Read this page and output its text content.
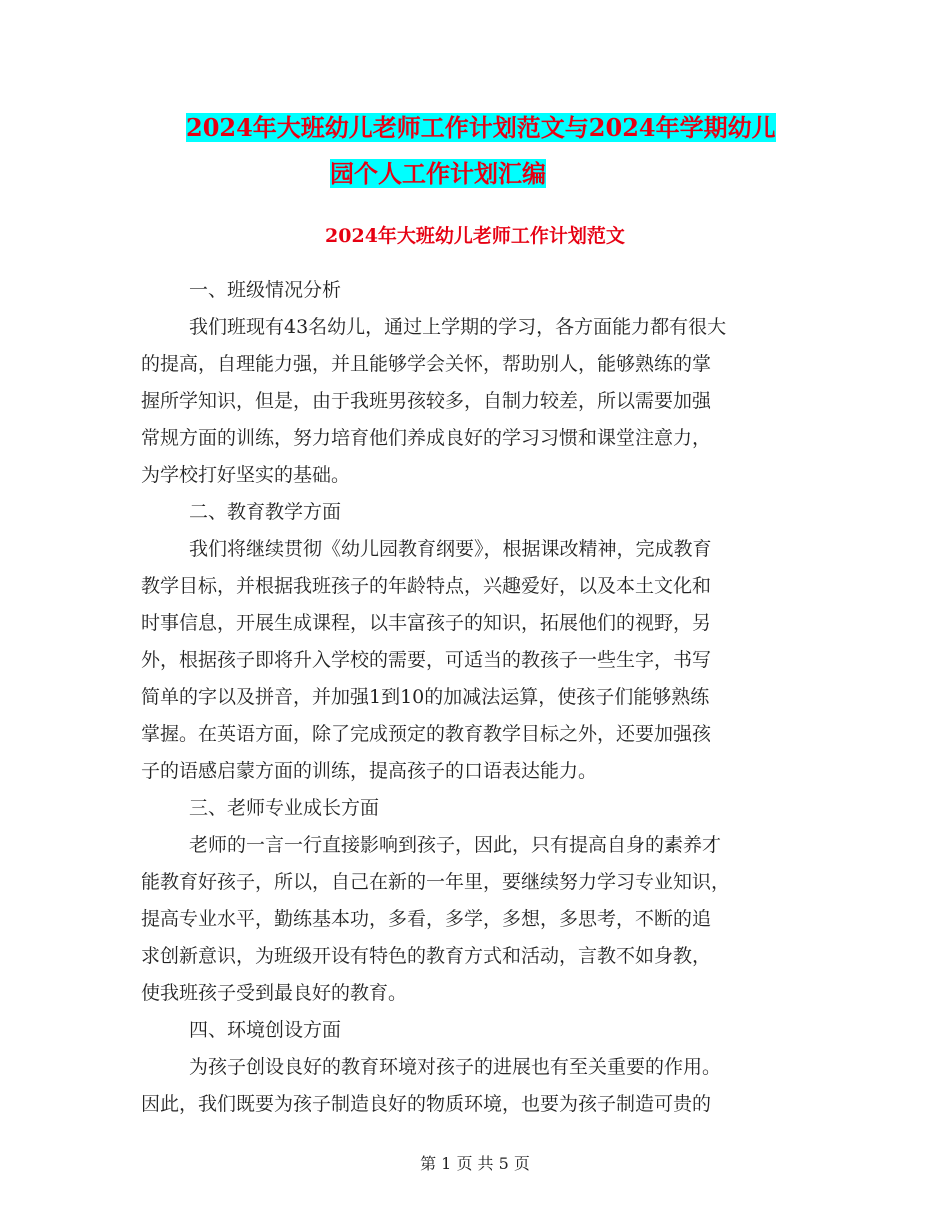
2024年大班幼儿老师工作计划范文与2024年学期幼儿
园个人工作计划汇编
2024年大班幼儿老师工作计划范文
一、班级情况分析
我们班现有43名幼儿，通过上学期的学习，各方面能力都有很大
的提高，自理能力强，并且能够学会关怀，帮助别人，能够熟练的掌
握所学知识，但是，由于我班男孩较多，自制力较差，所以需要加强
常规方面的训练，努力培育他们养成良好的学习习惯和课堂注意力，
为学校打好坚实的基础。
二、教育教学方面
我们将继续贯彻《幼儿园教育纲要》，根据课改精神，完成教育
教学目标，并根据我班孩子的年龄特点，兴趣爱好，以及本土文化和
时事信息，开展生成课程，以丰富孩子的知识，拓展他们的视野，另
外，根据孩子即将升入学校的需要，可适当的教孩子一些生字，书写
简单的字以及拼音，并加强1到10的加减法运算，使孩子们能够熟练
掌握。在英语方面，除了完成预定的教育教学目标之外，还要加强孩
子的语感启蒙方面的训练，提高孩子的口语表达能力。
三、老师专业成长方面
老师的一言一行直接影响到孩子，因此，只有提高自身的素养才
能教育好孩子，所以，自己在新的一年里，要继续努力学习专业知识，
提高专业水平，勤练基本功，多看，多学，多想，多思考，不断的追
求创新意识，为班级开设有特色的教育方式和活动，言教不如身教，
使我班孩子受到最良好的教育。
四、环境创设方面
为孩子创设良好的教育环境对孩子的进展也有至关重要的作用。
因此，我们既要为孩子制造良好的物质环境，也要为孩子制造可贵的
第 1 页 共 5 页
